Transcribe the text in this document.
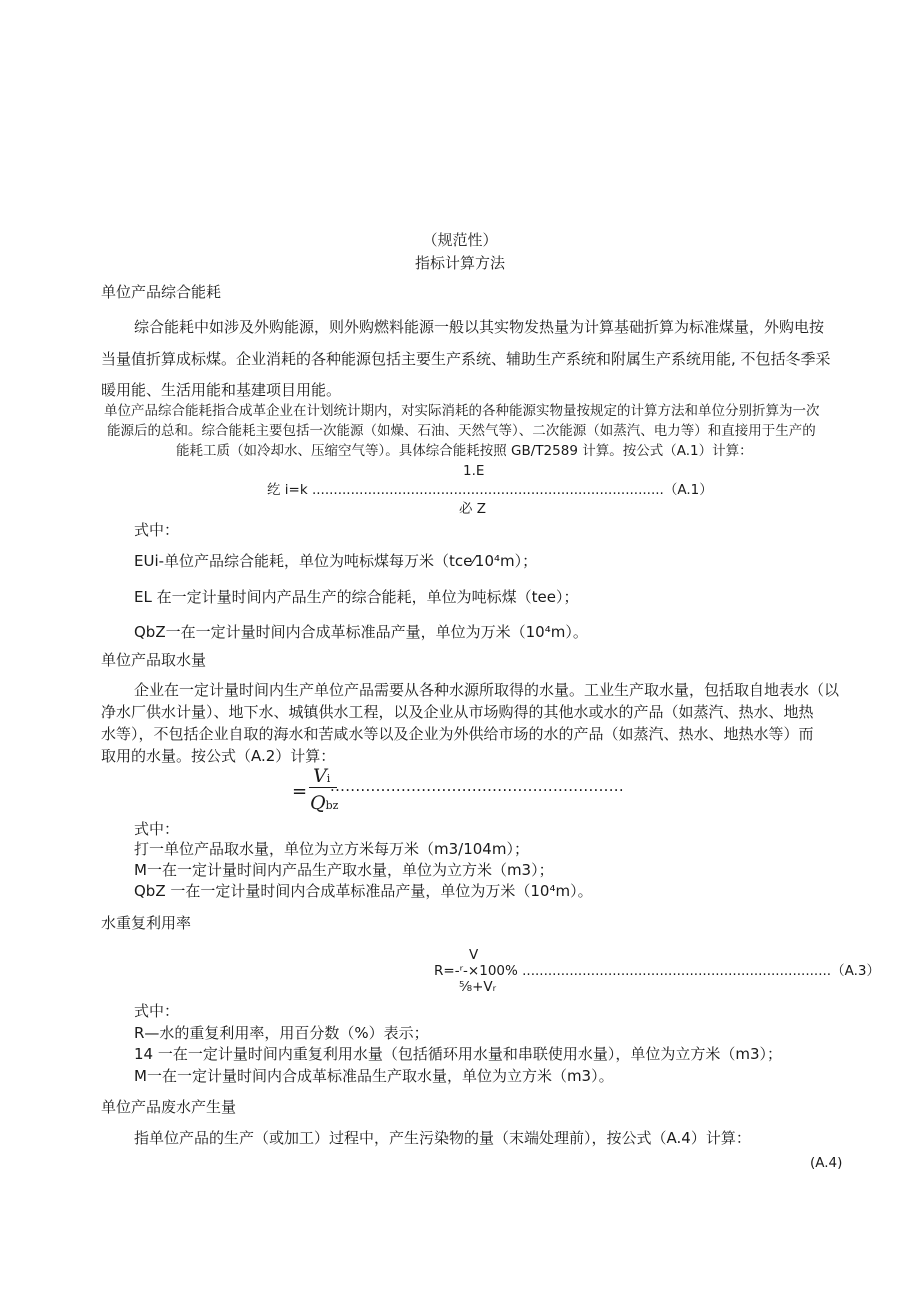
（规范性）
指标计算方法
单位产品综合能耗
综合能耗中如涉及外购能源，则外购燃料能源一般以其实物发热量为计算基础折算为标准煤量，外购电按
当量值折算成标煤。企业消耗的各种能源包括主要生产系统、辅助生产系统和附属生产系统用能, 不包括冬季采
暖用能、生活用能和基建项目用能。
单位产品综合能耗指合成革企业在计划统计期内，对实际消耗的各种能源实物量按规定的计算方法和单位分别折算为一次
能源后的总和。综合能耗主要包括一次能源（如燥、石油、天然气等）、二次能源（如蒸汽、电力等）和直接用于生产的
能耗工质（如冷却水、压缩空气等）。具体综合能耗按照 GB/T2589 计算。按公式（A.1）计算：
1.E
纥 i=k ..................................................................................（A.1）
必 Z
式中：
EUi-单位产品综合能耗，单位为吨标煤每万米（tce⁄10⁴m）；
EL 在一定计量时间内产品生产的综合能耗，单位为吨标煤（tee）；
QbZ一在一定计量时间内合成革标准品产量，单位为万米（10⁴m）。
单位产品取水量
企业在一定计量时间内生产单位产品需要从各种水源所取得的水量。工业生产取水量，包括取自地表水（以
净水厂供水计量）、地下水、城镇供水工程，以及企业从市场购得的其他水或水的产品（如蒸汽、热水、地热
水等），不包括企业自取的海水和苦咸水等以及企业为外供给市场的水的产品（如蒸汽、热水、地热水等）而
取用的水量。按公式（A.2）计算：
=
Vi
Qbz
..........................................................
式中：
打一单位产品取水量，单位为立方米每万米（m3/104m）；
M一在一定计量时间内产品生产取水量，单位为立方米（m3）；
QbZ 一在一定计量时间内合成革标准品产量，单位为万米（10⁴m）。
水重复利用率
V
R=-ʳ-×100% ........................................................................（A.3）
⅝+Vᵣ
式中：
R—水的重复利用率，用百分数（%）表示；
14 一在一定计量时间内重复利用水量（包括循环用水量和串联使用水量），单位为立方米（m3）；
M一在一定计量时间内合成革标准品生产取水量，单位为立方米（m3）。
单位产品废水产生量
指单位产品的生产（或加工）过程中，产生污染物的量（末端处理前），按公式（A.4）计算：
(A.4)
